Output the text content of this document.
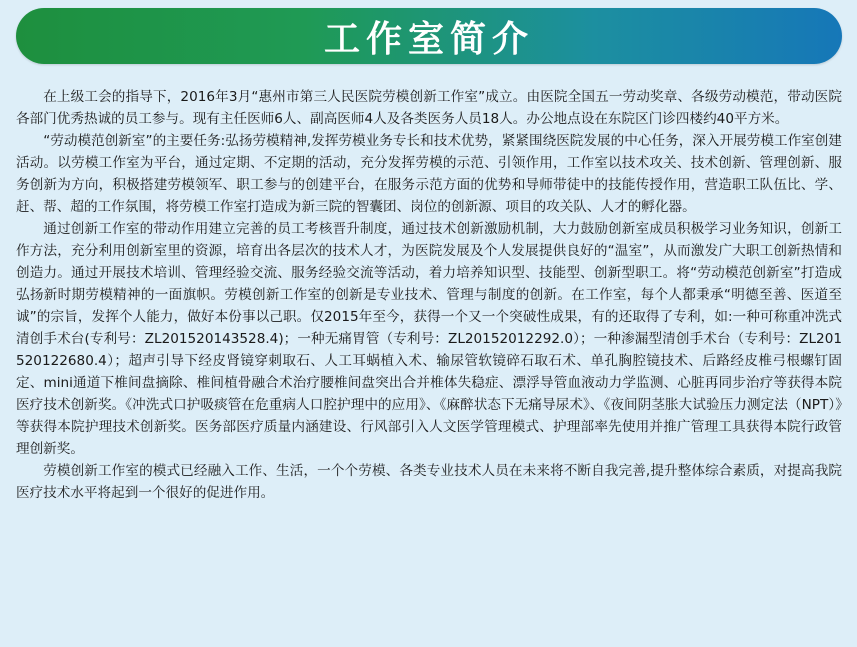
工作室简介

在上级工会的指导下，2016年3月“惠州市第三人民医院劳模创新工作室”成立。由医院全国五一劳动奖章、各级劳动模范，带动医院各部门优秀热诚的员工参与。现有主任医师6人、副高医师4人及各类医务人员18人。办公地点设在东院区门诊四楼约40平方米。

“劳动模范创新室”的主要任务:弘扬劳模精神,发挥劳模业务专长和技术优势，紧紧围绕医院发展的中心任务，深入开展劳模工作室创建活动。以劳模工作室为平台，通过定期、不定期的活动，充分发挥劳模的示范、引领作用，工作室以技术攻关、技术创新、管理创新、服务创新为方向，积极搭建劳模领军、职工参与的创建平台，在服务示范方面的优势和导师带徒中的技能传授作用，营造职工队伍比、学、赶、帮、超的工作氛围，将劳模工作室打造成为新三院的智囊团、岗位的创新源、项目的攻关队、人才的孵化器。

通过创新工作室的带动作用建立完善的员工考核晋升制度，通过技术创新激励机制，大力鼓励创新室成员积极学习业务知识，创新工作方法，充分利用创新室里的资源，培育出各层次的技术人才，为医院发展及个人发展提供良好的“温室”，从而激发广大职工创新热情和创造力。通过开展技术培训、管理经验交流、服务经验交流等活动，着力培养知识型、技能型、创新型职工。将“劳动模范创新室”打造成弘扬新时期劳模精神的一面旗帜。劳模创新工作室的创新是专业技术、管理与制度的创新。在工作室，每个人都秉承“明德至善、医道至诚”的宗旨，发挥个人能力，做好本份事以己职。仅2015年至今，获得一个又一个突破性成果，有的还取得了专利，如:一种可称重冲洗式清创手术台(专利号：ZL201520143528.4)；一种无痛胃管（专利号：ZL20152012292.0）；一种渗漏型清创手术台（专利号：ZL201520122680.4）；超声引导下经皮肾镜穿刺取石、人工耳蜗植入术、输尿管软镜碎石取石术、单孔胸腔镜技术、后路经皮椎弓根螺钉固定、mini通道下椎间盘摘除、椎间植骨融合术治疗腰椎间盘突出合并椎体失稳症、漂浮导管血液动力学监测、心脏再同步治疗等获得本院医疗技术创新奖。《冲洗式口护吸痰管在危重病人口腔护理中的应用》、《麻醉状态下无痛导尿术》、《夜间阴茎胀大试验压力测定法（NPT）》等获得本院护理技术创新奖。医务部医疗质量内涵建设、行风部引入人文医学管理模式、护理部率先使用并推广管理工具获得本院行政管理创新奖。

劳模创新工作室的模式已经融入工作、生活，一个个劳模、各类专业技术人员在未来将不断自我完善,提升整体综合素质，对提高我院医疗技术水平将起到一个很好的促进作用。
